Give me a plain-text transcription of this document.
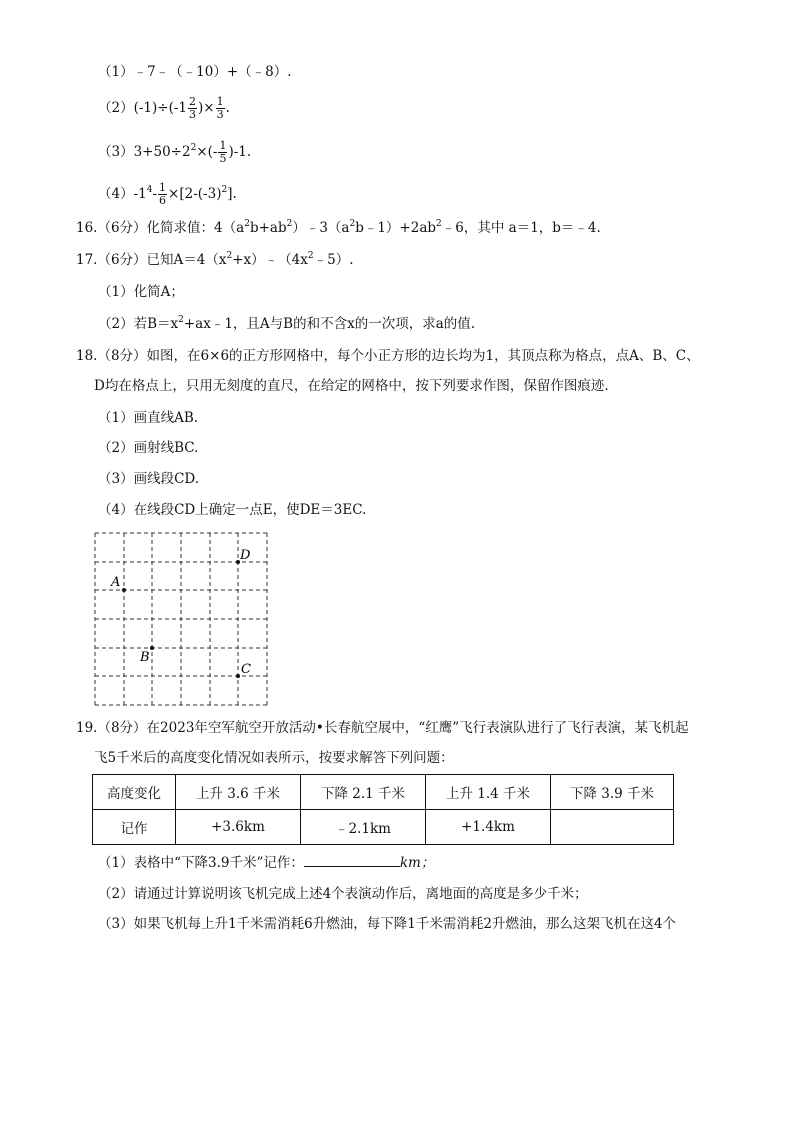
（1）﹣7﹣（﹣10）+（﹣8）.
$(2)(-1)\div(-1 \frac{2}{3}$ )× $\frac{1}{3}$ .
$(3)3+50\div 2^2\times(- \frac{1}{5} )-1$.
$(4)-1^4- \frac{1}{6} \times[2-(-3)^2]$.
16.（6分）化简求值：$4(a^2b+ab^2)﹣3(a^2b﹣1)+2ab^2﹣6$，其中 a＝1，b＝﹣4.
17.（6分）已知$A=4(x^2+x)﹣(4x^2﹣5)$.
（1）化简A；
（2）若$B=x^2+ax﹣1$，且A与B的和不含x的一次项，求a的值.
18.（8分）如图，在6×6的正方形网格中，每个小正方形的边长均为1，其顶点称为格点，点A、B、C、
D均在格点上，只用无刻度的直尺，在给定的网格中，按下列要求作图，保留作图痕迹.
（1）画直线AB.
（2）画射线BC.
（3）画线段CD.
（4）在线段CD上确定一点E，使DE＝3EC.
A
B
C
D
19.（8分）在2023年空军航空开放活动•长春航空展中，“红鹰”飞行表演队进行了飞行表演，某飞机起
飞5千米后的高度变化情况如表所示，按要求解答下列问题：
高度变化	上升 3.6 千米	下降 2.1 千米	上升 1.4 千米	下降 3.9 千米
记作	+3.6km	﹣2.1km	+1.4km	
（1）表格中“下降3.9千米”记作：	km；
（2）请通过计算说明该飞机完成上述4个表演动作后，离地面的高度是多少千米；
（3）如果飞机每上升1千米需消耗6升燃油，每下降1千米需消耗2升燃油，那么这架飞机在这4个
